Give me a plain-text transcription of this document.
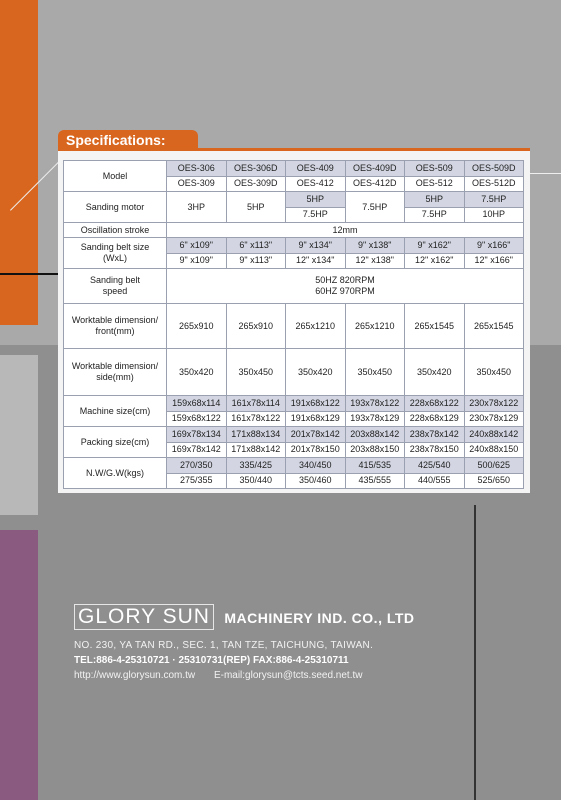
Specifications:
Model	OES-306	OES-306D	OES-409	OES-409D	OES-509	OES-509D
	OES-309	OES-309D	OES-412	OES-412D	OES-512	OES-512D
Sanding motor	3HP	5HP	5HP	7.5HP	5HP	7.5HP
			7.5HP		7.5HP	10HP
Oscillation stroke	12mm					
Sanding belt size
(WxL)	6" x109"	6" x113"	9" x134"	9" x138"	9" x162"	9" x166"
	9" x109"	9" x113"	12" x134"	12" x138"	12" x162"	12" x166"
Sanding belt
speed	50HZ 820RPM
60HZ 970RPM					
Worktable dimension/
front(mm)	265x910	265x910	265x1210	265x1210	265x1545	265x1545
Worktable dimension/
side(mm)	350x420	350x450	350x420	350x450	350x420	350x450
Machine size(cm)	159x68x114	161x78x114	191x68x122	193x78x122	228x68x122	230x78x122
	159x68x122	161x78x122	191x68x129	193x78x129	228x68x129	230x78x129
Packing size(cm)	169x78x134	171x88x134	201x78x142	203x88x142	238x78x142	240x88x142
	169x78x142	171x88x142	201x78x150	203x88x150	238x78x150	240x88x150
N.W/G.W(kgs)	270/350	335/425	340/450	415/535	425/540	500/625
	275/355	350/440	350/460	435/555	440/555	525/650
GLORY SUN MACHINERY IND. CO., LTD
NO. 230, YA TAN RD., SEC. 1, TAN TZE, TAICHUNG, TAIWAN.
TEL:886-4-25310721 · 25310731(REP) FAX:886-4-25310711
http://www.glorysun.com.tw E-mail:glorysun@tcts.seed.net.tw
